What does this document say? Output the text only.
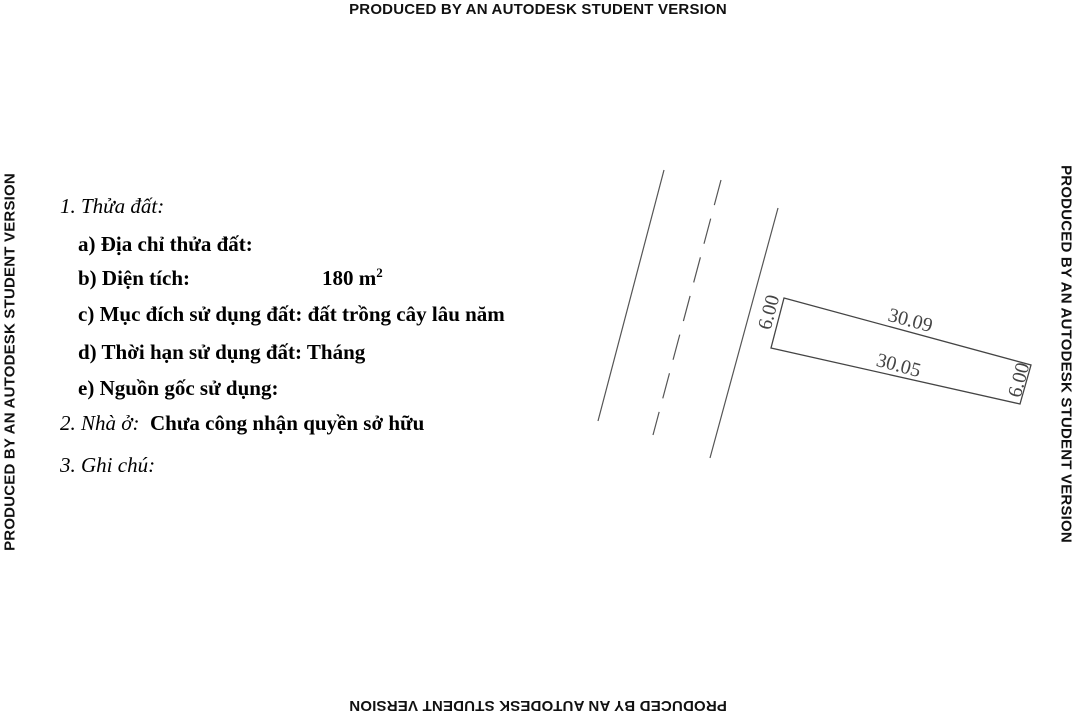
PRODUCED BY AN AUTODESK STUDENT VERSION
PRODUCED BY AN AUTODESK STUDENT VERSION
PRODUCED BY AN AUTODESK STUDENT VERSION	PRODUCED BY AN AUTODESK STUDENT VERSION
1. Thửa đất:
a) Địa chỉ thửa đất:
b) Diện tích:	180 $m^2$
c) Mục đích sử dụng đất: đất trồng cây lâu năm
d) Thời hạn sử dụng đất: Tháng
e) Nguồn gốc sử dụng:
2. Nhà ở: Chưa công nhận quyền sở hữu
3. Ghi chú:
30.09
30.05
6.00
6.00
